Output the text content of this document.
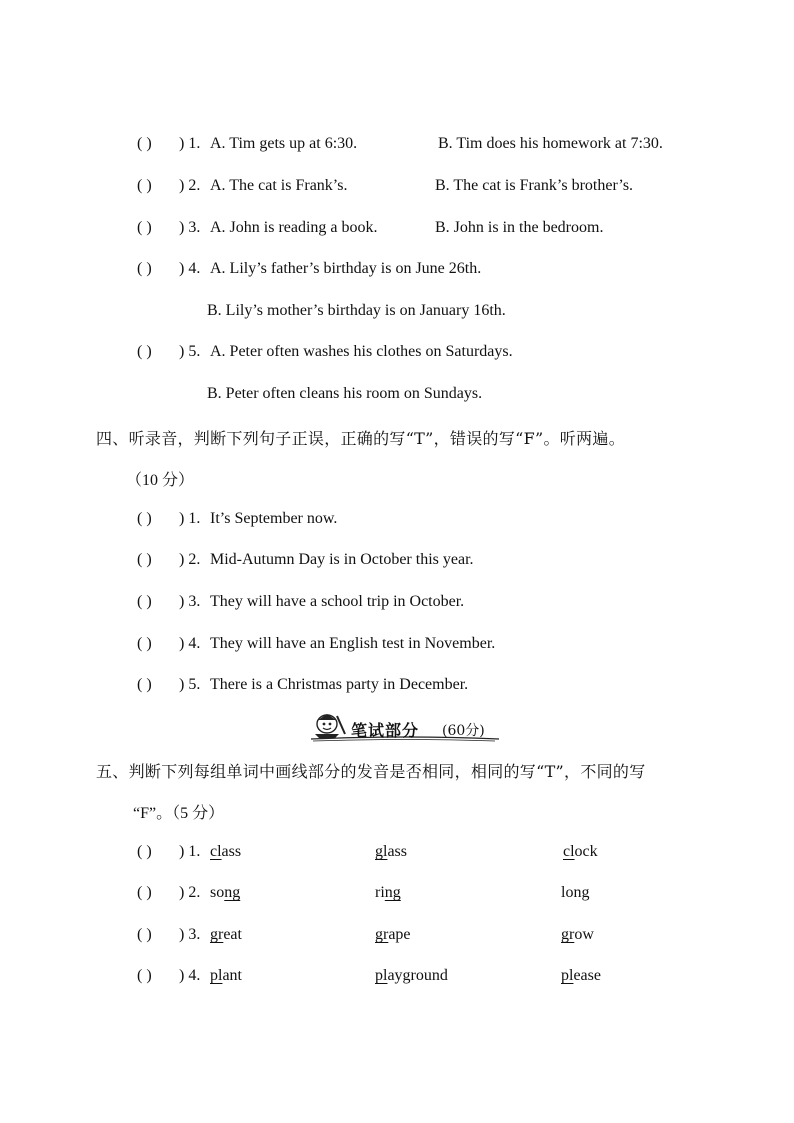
( ) ) 1. A. Tim gets up at 6:30.	B. Tim does his homework at 7:30.
( ) ) 2. A. The cat is Frank’s.	B. The cat is Frank’s brother’s.
( ) ) 3. A. John is reading a book.	B. John is in the bedroom.
( ) ) 4. A. Lily’s father’s birthday is on June 26th.
B. Lily’s mother’s birthday is on January 16th.
( ) ) 5. A. Peter often washes his clothes on Saturdays.
B. Peter often cleans his room on Sundays.
四、听录音，判断下列句子正误，正确的写“T”，错误的写“F”。听两遍。
（10 分）
( ) ) 1. It’s September now.
( ) ) 2. Mid-Autumn Day is in October this year.
( ) ) 3. They will have a school trip in October.
( ) ) 4. They will have an English test in November.
( ) ) 5. There is a Christmas party in December.
笔试部分 (60分)
五、判断下列每组单词中画线部分的发音是否相同，相同的写“T”，不同的写
“F”。（5 分）
( ) ) 1. class	glass	clock
( ) ) 2. song	ring	long
( ) ) 3. great	grape	grow
( ) ) 4. plant	playground	please
